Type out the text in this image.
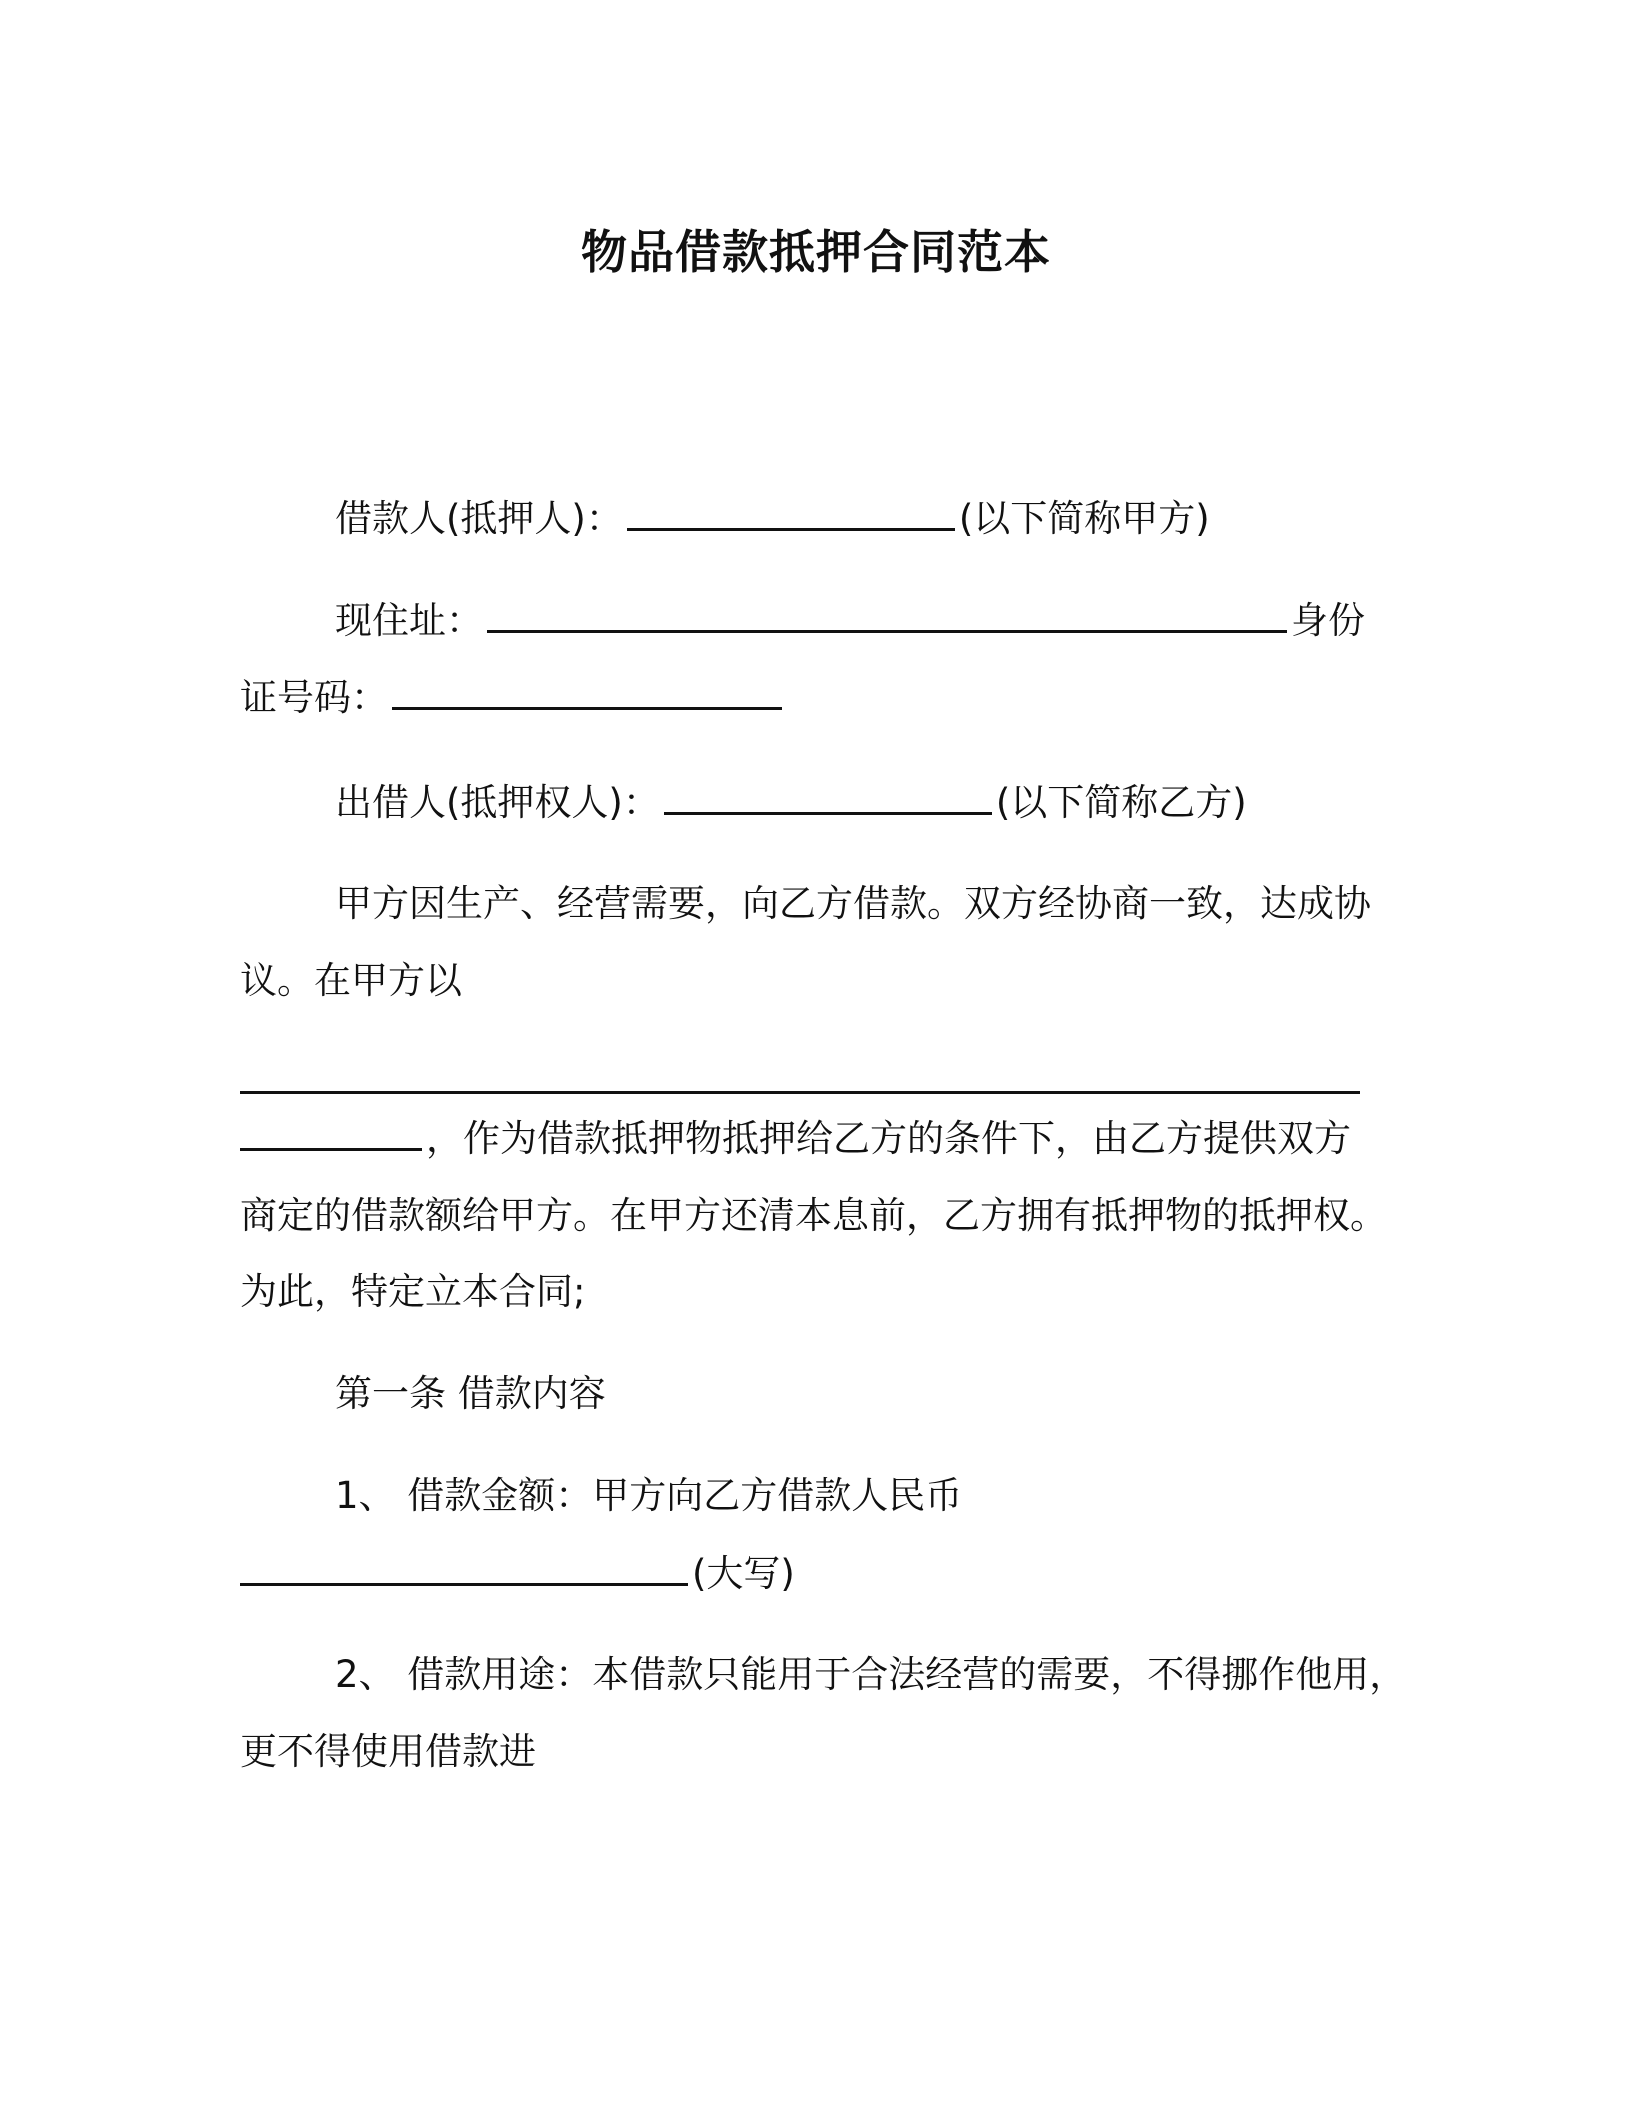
物品借款抵押合同范本
借款人(抵押人)：	(以下简称甲方)
现住址：	身份
证号码：
出借人(抵押权人)：	(以下简称乙方)
甲方因生产、经营需要，向乙方借款。双方经协商一致，达成协
议。在甲方以
，作为借款抵押物抵押给乙方的条件下，由乙方提供双方
商定的借款额给甲方。在甲方还清本息前，乙方拥有抵押物的抵押权。
为此，特定立本合同;
第一条 借款内容
1、 借款金额：甲方向乙方借款人民币
(大写)
2、 借款用途：本借款只能用于合法经营的需要，不得挪作他用，
更不得使用借款进
